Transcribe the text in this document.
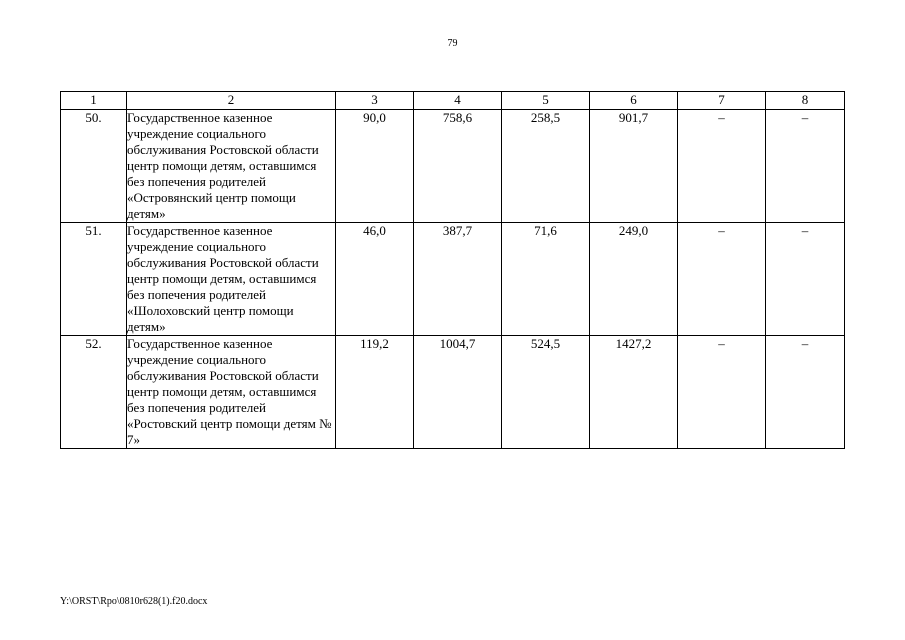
79
1	2	3	4	5	6	7	8
50.	Государственное казенное учреждение социального обслуживания Ростовской области центр помощи детям, оставшимся без попечения родителей «Островянский центр помощи детям»	90,0	758,6	258,5	901,7	–	–
51.	Государственное казенное учреждение социального обслуживания Ростовской области центр помощи детям, оставшимся без попечения родителей «Шолоховский центр помощи детям»	46,0	387,7	71,6	249,0	–	–
52.	Государственное казенное учреждение социального обслуживания Ростовской области центр помощи детям, оставшимся без попечения родителей «Ростовский центр помощи детям № 7»	119,2	1004,7	524,5	1427,2	–	–
Y:\ORST\Rpo\0810r628(1).f20.docx
